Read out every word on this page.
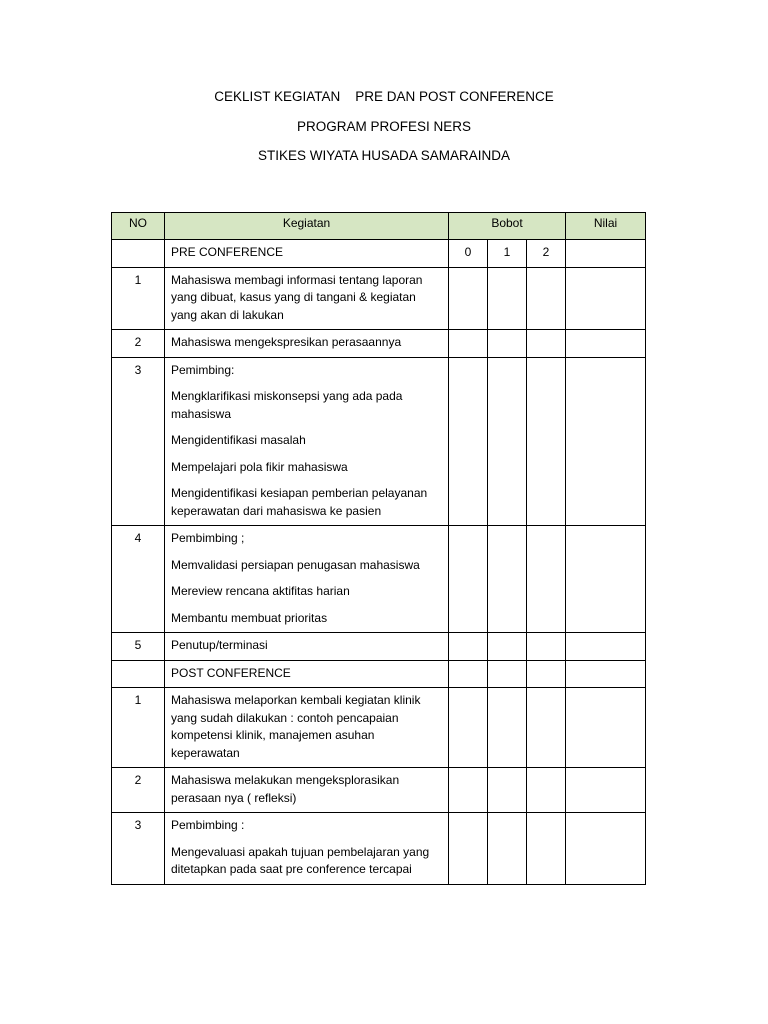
CEKLIST KEGIATAN    PRE DAN POST CONFERENCE
PROGRAM PROFESI NERS
STIKES WIYATA HUSADA SAMARAINDA
NO	Kegiatan	Bobot			Nilai
	PRE CONFERENCE	0	1	2	
1	Mahasiswa membagi informasi tentang laporan yang dibuat, kasus yang di tangani & kegiatan yang akan di lakukan				

2	Mahasiswa mengekspresikan perasaannya				

3	Pemimbing:

Mengklarifikasi miskonsepsi yang ada pada mahasiswa

Mengidentifikasi masalah

Mempelajari pola fikir mahasiswa

Mengidentifikasi kesiapan pemberian pelayanan keperawatan dari mahasiswa ke pasien				

4	Pembimbing ;

Memvalidasi persiapan penugasan mahasiswa

Mereview rencana aktifitas harian

Membantu membuat prioritas				

5	Penutup/terminasi				

	POST CONFERENCE				
1	Mahasiswa melaporkan kembali kegiatan klinik yang sudah dilakukan : contoh pencapaian kompetensi klinik, manajemen asuhan keperawatan				

2	Mahasiswa melakukan mengeksplorasikan perasaan nya ( refleksi)				

3	Pembimbing :

Mengevaluasi apakah tujuan pembelajaran yang ditetapkan pada saat pre conference tercapai				
